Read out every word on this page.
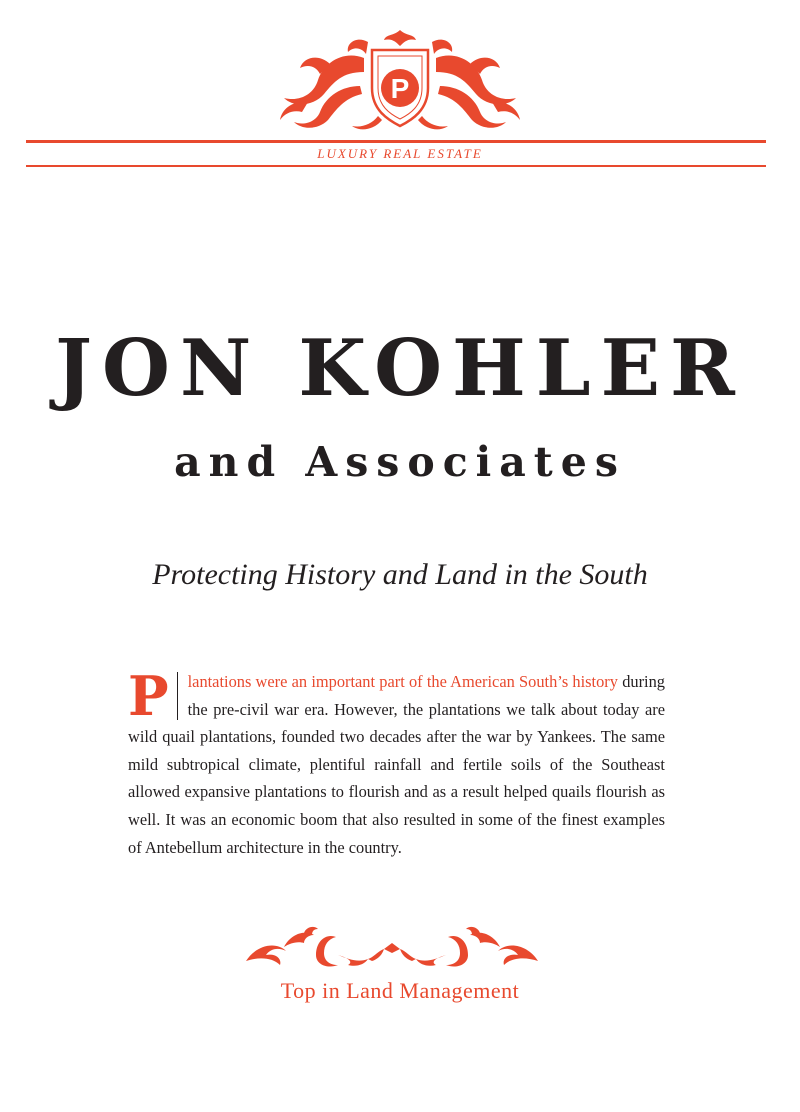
P
LUXURY REAL ESTATE
JON KOHLER
and Associates
Protecting History and Land in the South
P lantations were an important part of the American South’s history during the pre-civil war era. However, the plantations we talk about today are wild quail plantations, founded two decades after the war by Yankees. The same mild subtropical climate, plentiful rainfall and fertile soils of the Southeast allowed expansive plantations to flourish and as a result helped quails flourish as well. It was an economic boom that also resulted in some of the finest examples of Antebellum architecture in the country.
Top in Land Management
